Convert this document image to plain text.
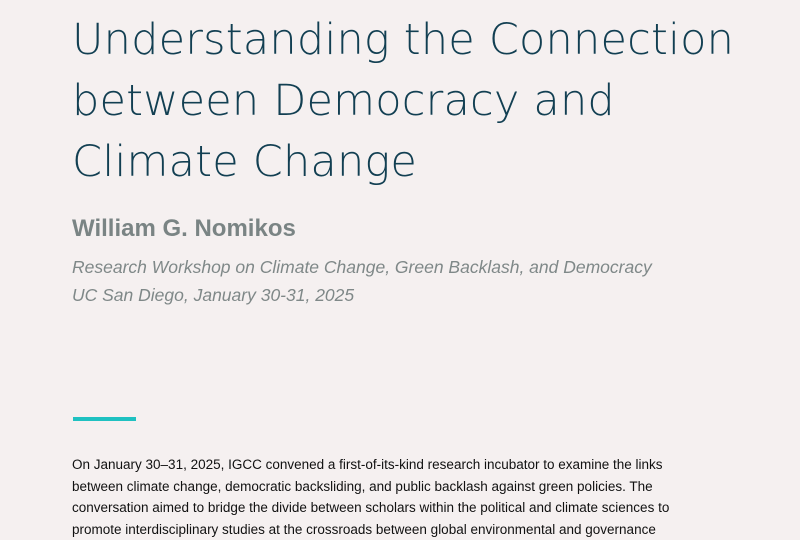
Understanding the Connection
between Democracy and
Climate Change

William G. Nomikos

Research Workshop on Climate Change, Green Backlash, and Democracy
UC San Diego, January 30-31, 2025

On January 30–31, 2025, IGCC convened a first-of-its-kind research incubator to examine the links
between climate change, democratic backsliding, and public backlash against green policies. The
conversation aimed to bridge the divide between scholars within the political and climate sciences to
promote interdisciplinary studies at the crossroads between global environmental and governance
